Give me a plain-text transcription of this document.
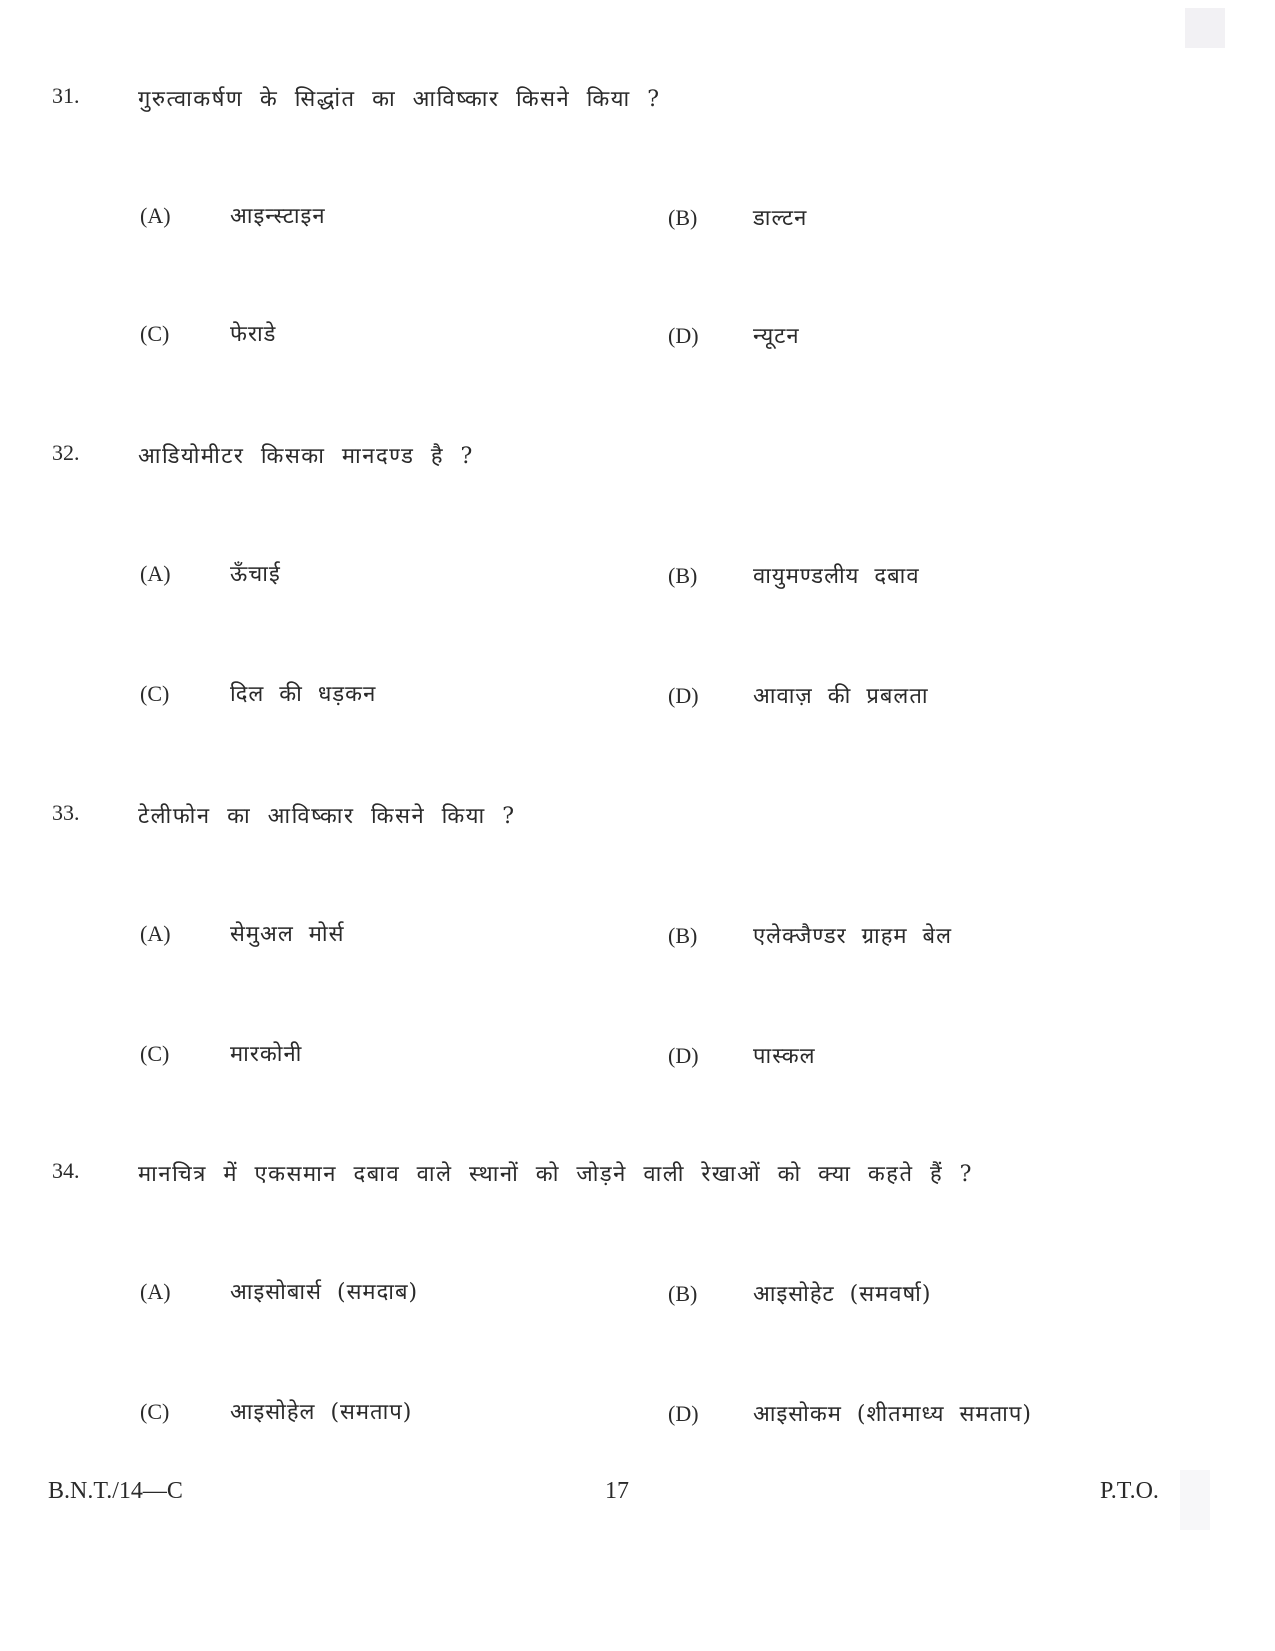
31.	गुरुत्वाकर्षण के सिद्धांत का आविष्कार किसने किया ?
(A)	आइन्स्टाइन	(B)	डाल्टन
(C)	फेराडे	(D)	न्यूटन
32.	आडियोमीटर किसका मानदण्ड है ?
(A)	ऊँचाई	(B)	वायुमण्डलीय दबाव
(C)	दिल की धड़कन	(D)	आवाज़ की प्रबलता
33.	टेलीफोन का आविष्कार किसने किया ?
(A)	सेमुअल मोर्स	(B)	एलेक्जैण्डर ग्राहम बेल
(C)	मारकोनी	(D)	पास्कल
34.	मानचित्र में एकसमान दबाव वाले स्थानों को जोड़ने वाली रेखाओं को क्या कहते हैं ?
(A)	आइसोबार्स (समदाब)	(B)	आइसोहेट (समवर्षा)
(C)	आइसोहेल (समताप)	(D)	आइसोकम (शीतमाध्य समताप)
B.N.T./14—C	17	P.T.O.
